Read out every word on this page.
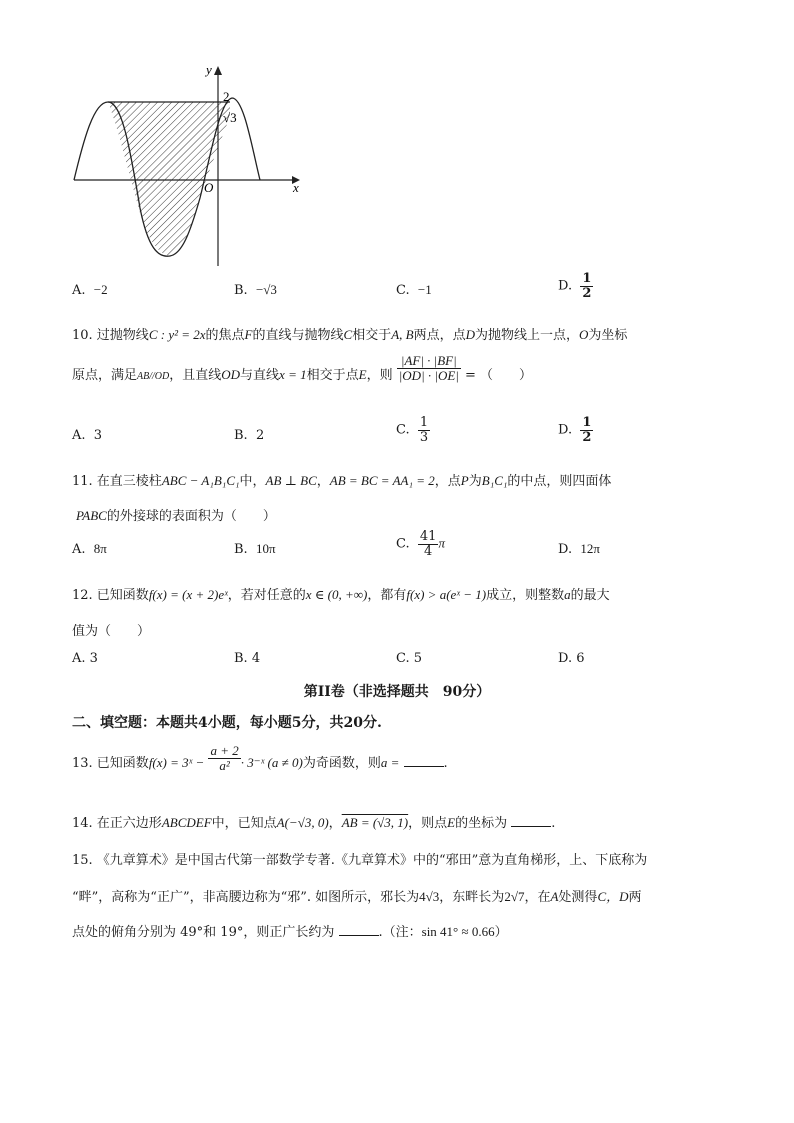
y
x
O
2
√3
A. −2	B. −√3	C. −1	D. $\frac{1}{2}$
10. 过抛物线C : y² = 2x的焦点F的直线与抛物线C相交于A, B两点，点D为抛物线上一点，O为坐标
原点，满足AB//OD，且直线OD与直线x = 1相交于点E，则 $\frac{|AF| \cdot |BF|}{|OD| \cdot |OE|}$ = （　　）
A. 3	B. 2	C. $\frac{1}{3}$	D. $\frac{1}{2}$
11. 在直三棱柱ABC − A₁B₁C₁中，AB ⊥ BC，AB = BC = AA₁ = 2，点P为B₁C₁的中点，则四面体
PABC的外接球的表面积为（　　）
A. 8π	B. 10π	C. $\frac{41}{4}$ π	D. 12π
12. 已知函数f(x) = (x + 2)eˣ，若对任意的x ∈ (0, +∞)，都有f(x) > a(eˣ − 1)成立，则整数a的最大
值为（　　）
A. 3	B. 4	C. 5	D. 6
第II卷（非选择题共　90分）
二、填空题：本题共4小题，每小题5分，共20分.
13. 已知函数f(x) = 3ˣ − $\frac{a + 2}{\text{a²}}$ · 3⁻ˣ (a ≠ 0)为奇函数，则a =	.
14. 在正六边形ABCDEF中，已知点A(−√3, 0)，AB = (√3, 1)，则点E的坐标为	.
15. 《九章算术》是中国古代第一部数学专著.《九章算术》中的“邪田”意为直角梯形，上、下底称为
“畔”，高称为“正广”，非高腰边称为“邪”. 如图所示，邪长为4√3，东畔长为2√7，在A处测得C，D两
点处的俯角分别为 49°和 19°，则正广长约为	.（注：sin 41° ≈ 0.66）
